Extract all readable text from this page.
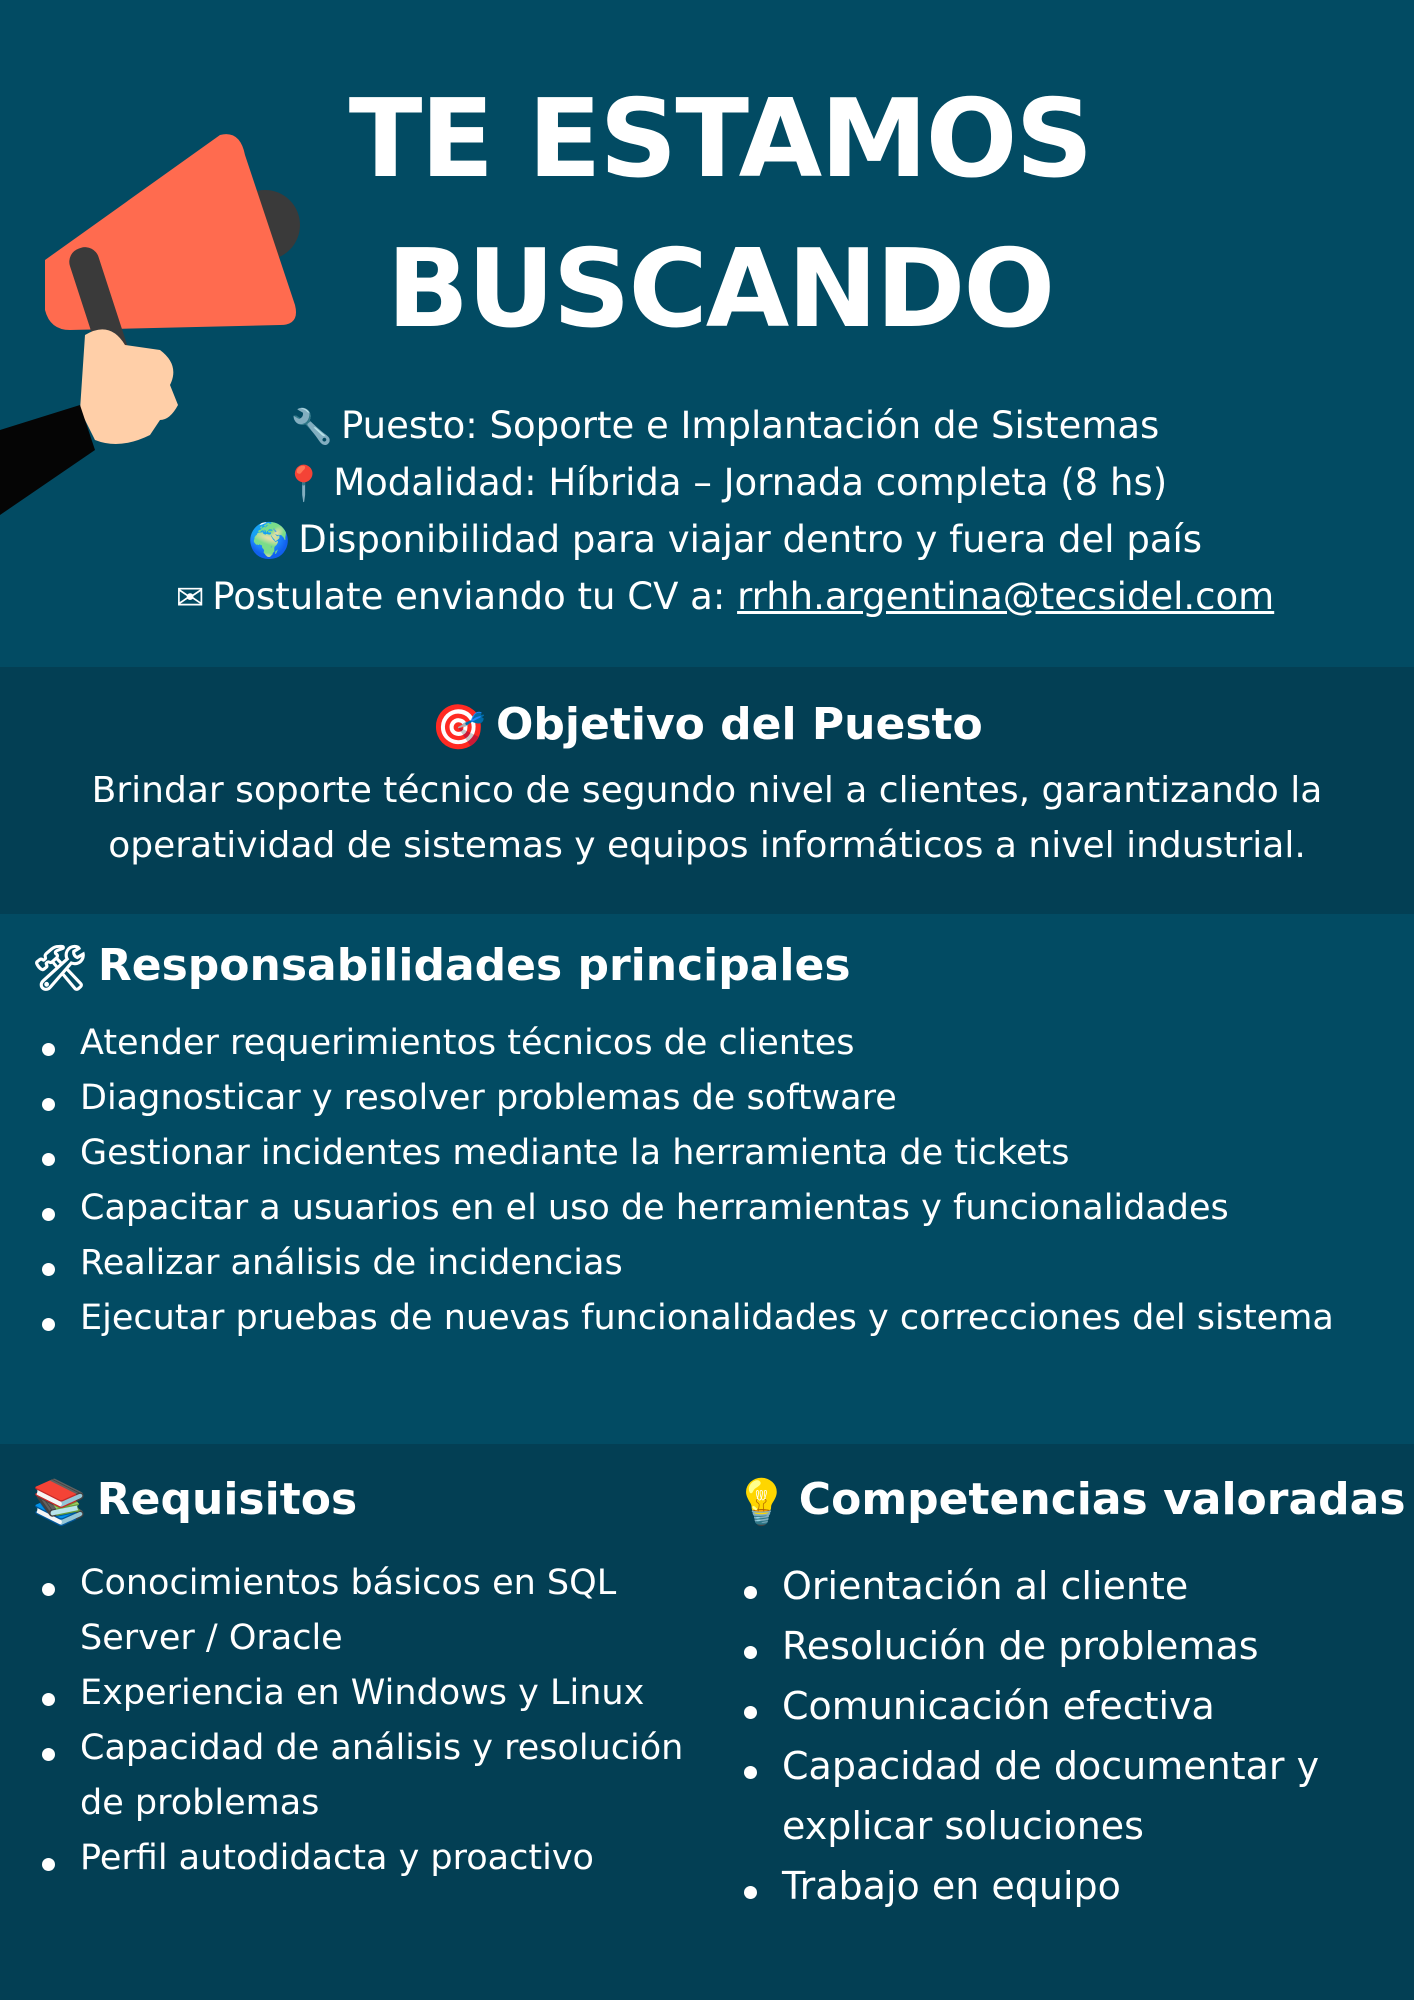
TE ESTAMOS
BUSCANDO
🔧 Puesto: Soporte e Implantación de Sistemas
📍 Modalidad: Híbrida – Jornada completa (8 hs)
🌍 Disponibilidad para viajar dentro y fuera del país
✉ Postulate enviando tu CV a: rrhh.argentina@tecsidel.com
🎯 Objetivo del Puesto
Brindar soporte técnico de segundo nivel a clientes, garantizando la operatividad de sistemas y equipos informáticos a nivel industrial.
🛠 Responsabilidades principales
Atender requerimientos técnicos de clientes
Diagnosticar y resolver problemas de software
Gestionar incidentes mediante la herramienta de tickets
Capacitar a usuarios en el uso de herramientas y funcionalidades
Realizar análisis de incidencias
Ejecutar pruebas de nuevas funcionalidades y correcciones del sistema
📚 Requisitos
Conocimientos básicos en SQL Server / Oracle
Experiencia en Windows y Linux
Capacidad de análisis y resolución de problemas
Perfil autodidacta y proactivo
💡 Competencias valoradas
Orientación al cliente
Resolución de problemas
Comunicación efectiva
Capacidad de documentar y explicar soluciones
Trabajo en equipo
